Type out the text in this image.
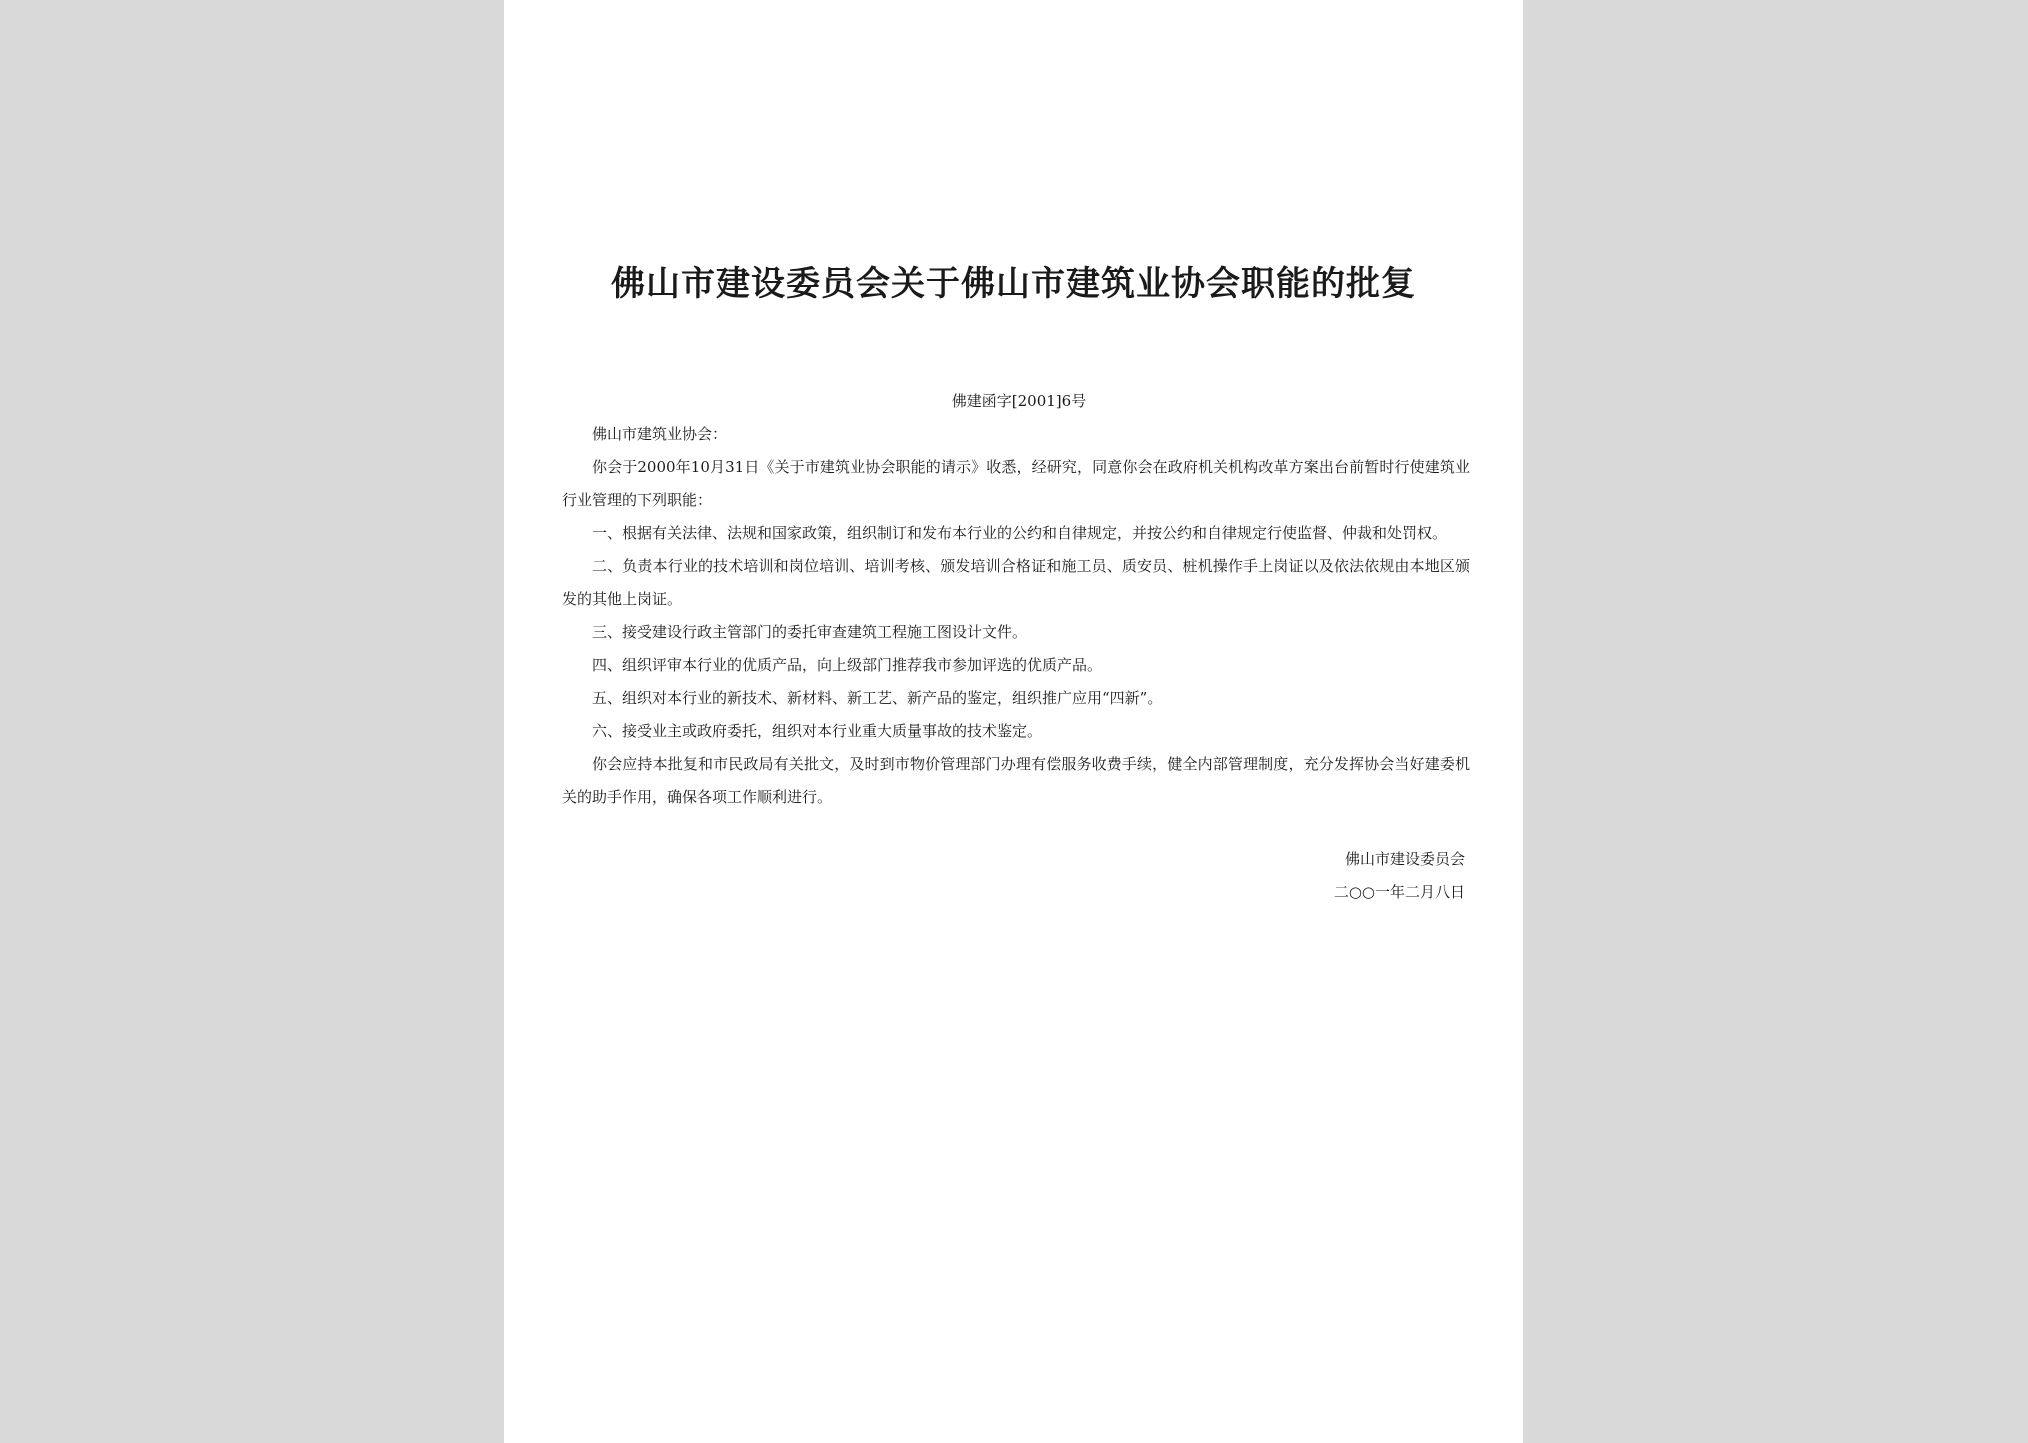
佛山市建设委员会关于佛山市建筑业协会职能的批复
佛建函字[2001]6号

佛山市建筑业协会：

你会于2000年10月31日《关于市建筑业协会职能的请示》收悉，经研究，同意你会在政府机关机构改革方案出台前暂时行使建筑业行业管理的下列职能：

一、根据有关法律、法规和国家政策，组织制订和发布本行业的公约和自律规定，并按公约和自律规定行使监督、仲裁和处罚权。

二、负责本行业的技术培训和岗位培训、培训考核、颁发培训合格证和施工员、质安员、桩机操作手上岗证以及依法依规由本地区颁发的其他上岗证。

三、接受建设行政主管部门的委托审查建筑工程施工图设计文件。

四、组织评审本行业的优质产品，向上级部门推荐我市参加评选的优质产品。

五、组织对本行业的新技术、新材料、新工艺、新产品的鉴定，组织推广应用“四新”。

六、接受业主或政府委托，组织对本行业重大质量事故的技术鉴定。

你会应持本批复和市民政局有关批文，及时到市物价管理部门办理有偿服务收费手续，健全内部管理制度，充分发挥协会当好建委机关的助手作用，确保各项工作顺利进行。

佛山市建设委员会
二○○一年二月八日
